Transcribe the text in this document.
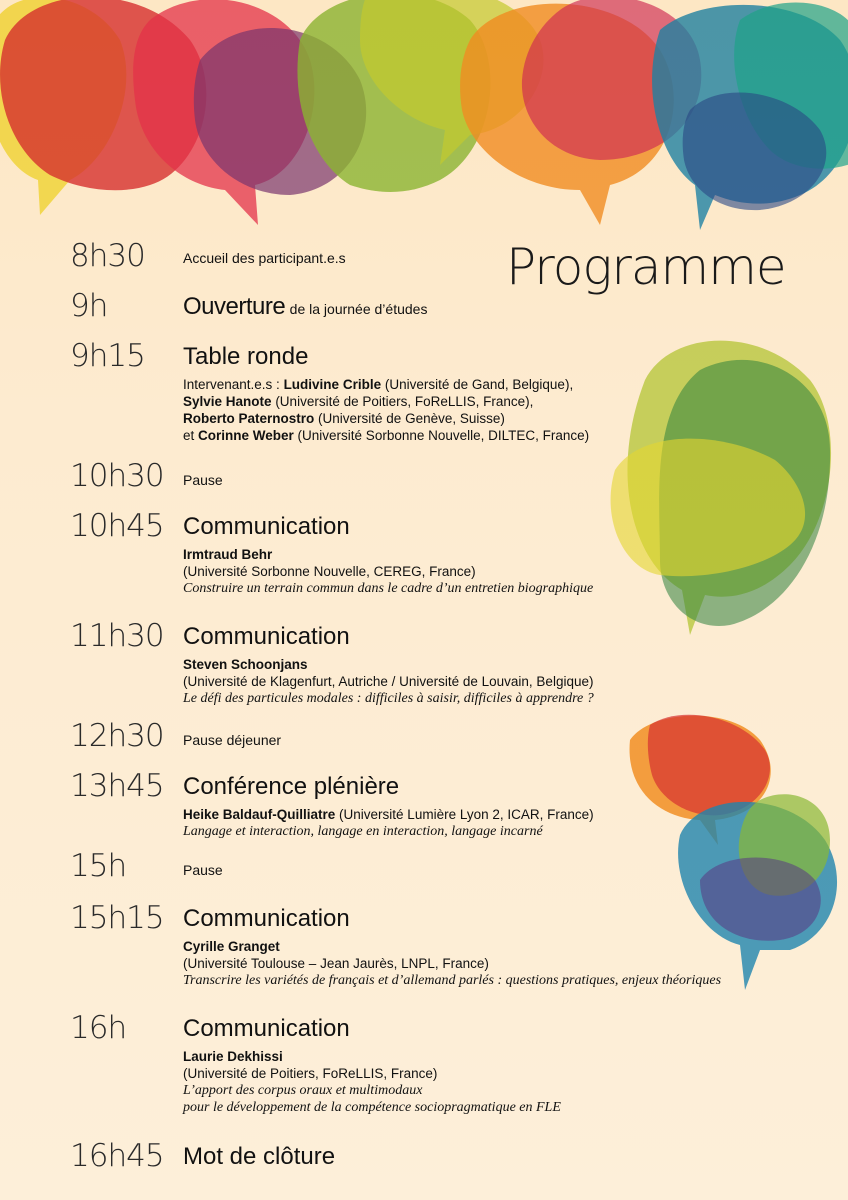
Programme
8h30	Accueil des participant.e.s
9h	Ouverture de la journée d’études
9h15 Table ronde
Intervenant.e.s : Ludivine Crible (Université de Gand, Belgique),
Sylvie Hanote (Université de Poitiers, FoReLLIS, France),
Roberto Paternostro (Université de Genève, Suisse)
et Corinne Weber (Université Sorbonne Nouvelle, DILTEC, France)
10h30 Pause
10h45 Communication
Irmtraud Behr
(Université Sorbonne Nouvelle, CEREG, France)
Construire un terrain commun dans le cadre d’un entretien biographique
11h30 Communication
Steven Schoonjans
(Université de Klagenfurt, Autriche / Université de Louvain, Belgique)
Le défi des particules modales : difficiles à saisir, difficiles à apprendre ?
12h30 Pause déjeuner
13h45 Conférence plénière
Heike Baldauf-Quilliatre (Université Lumière Lyon 2, ICAR, France)
Langage et interaction, langage en interaction, langage incarné
15h	Pause
15h15 Communication
Cyrille Granget
(Université Toulouse – Jean Jaurès, LNPL, France)
Transcrire les variétés de français et d’allemand parlés : questions pratiques, enjeux théoriques
16h Communication
Laurie Dekhissi
(Université de Poitiers, FoReLLIS, France)
L’apport des corpus oraux et multimodaux
pour le développement de la compétence sociopragmatique en FLE
16h45 Mot de clôture
